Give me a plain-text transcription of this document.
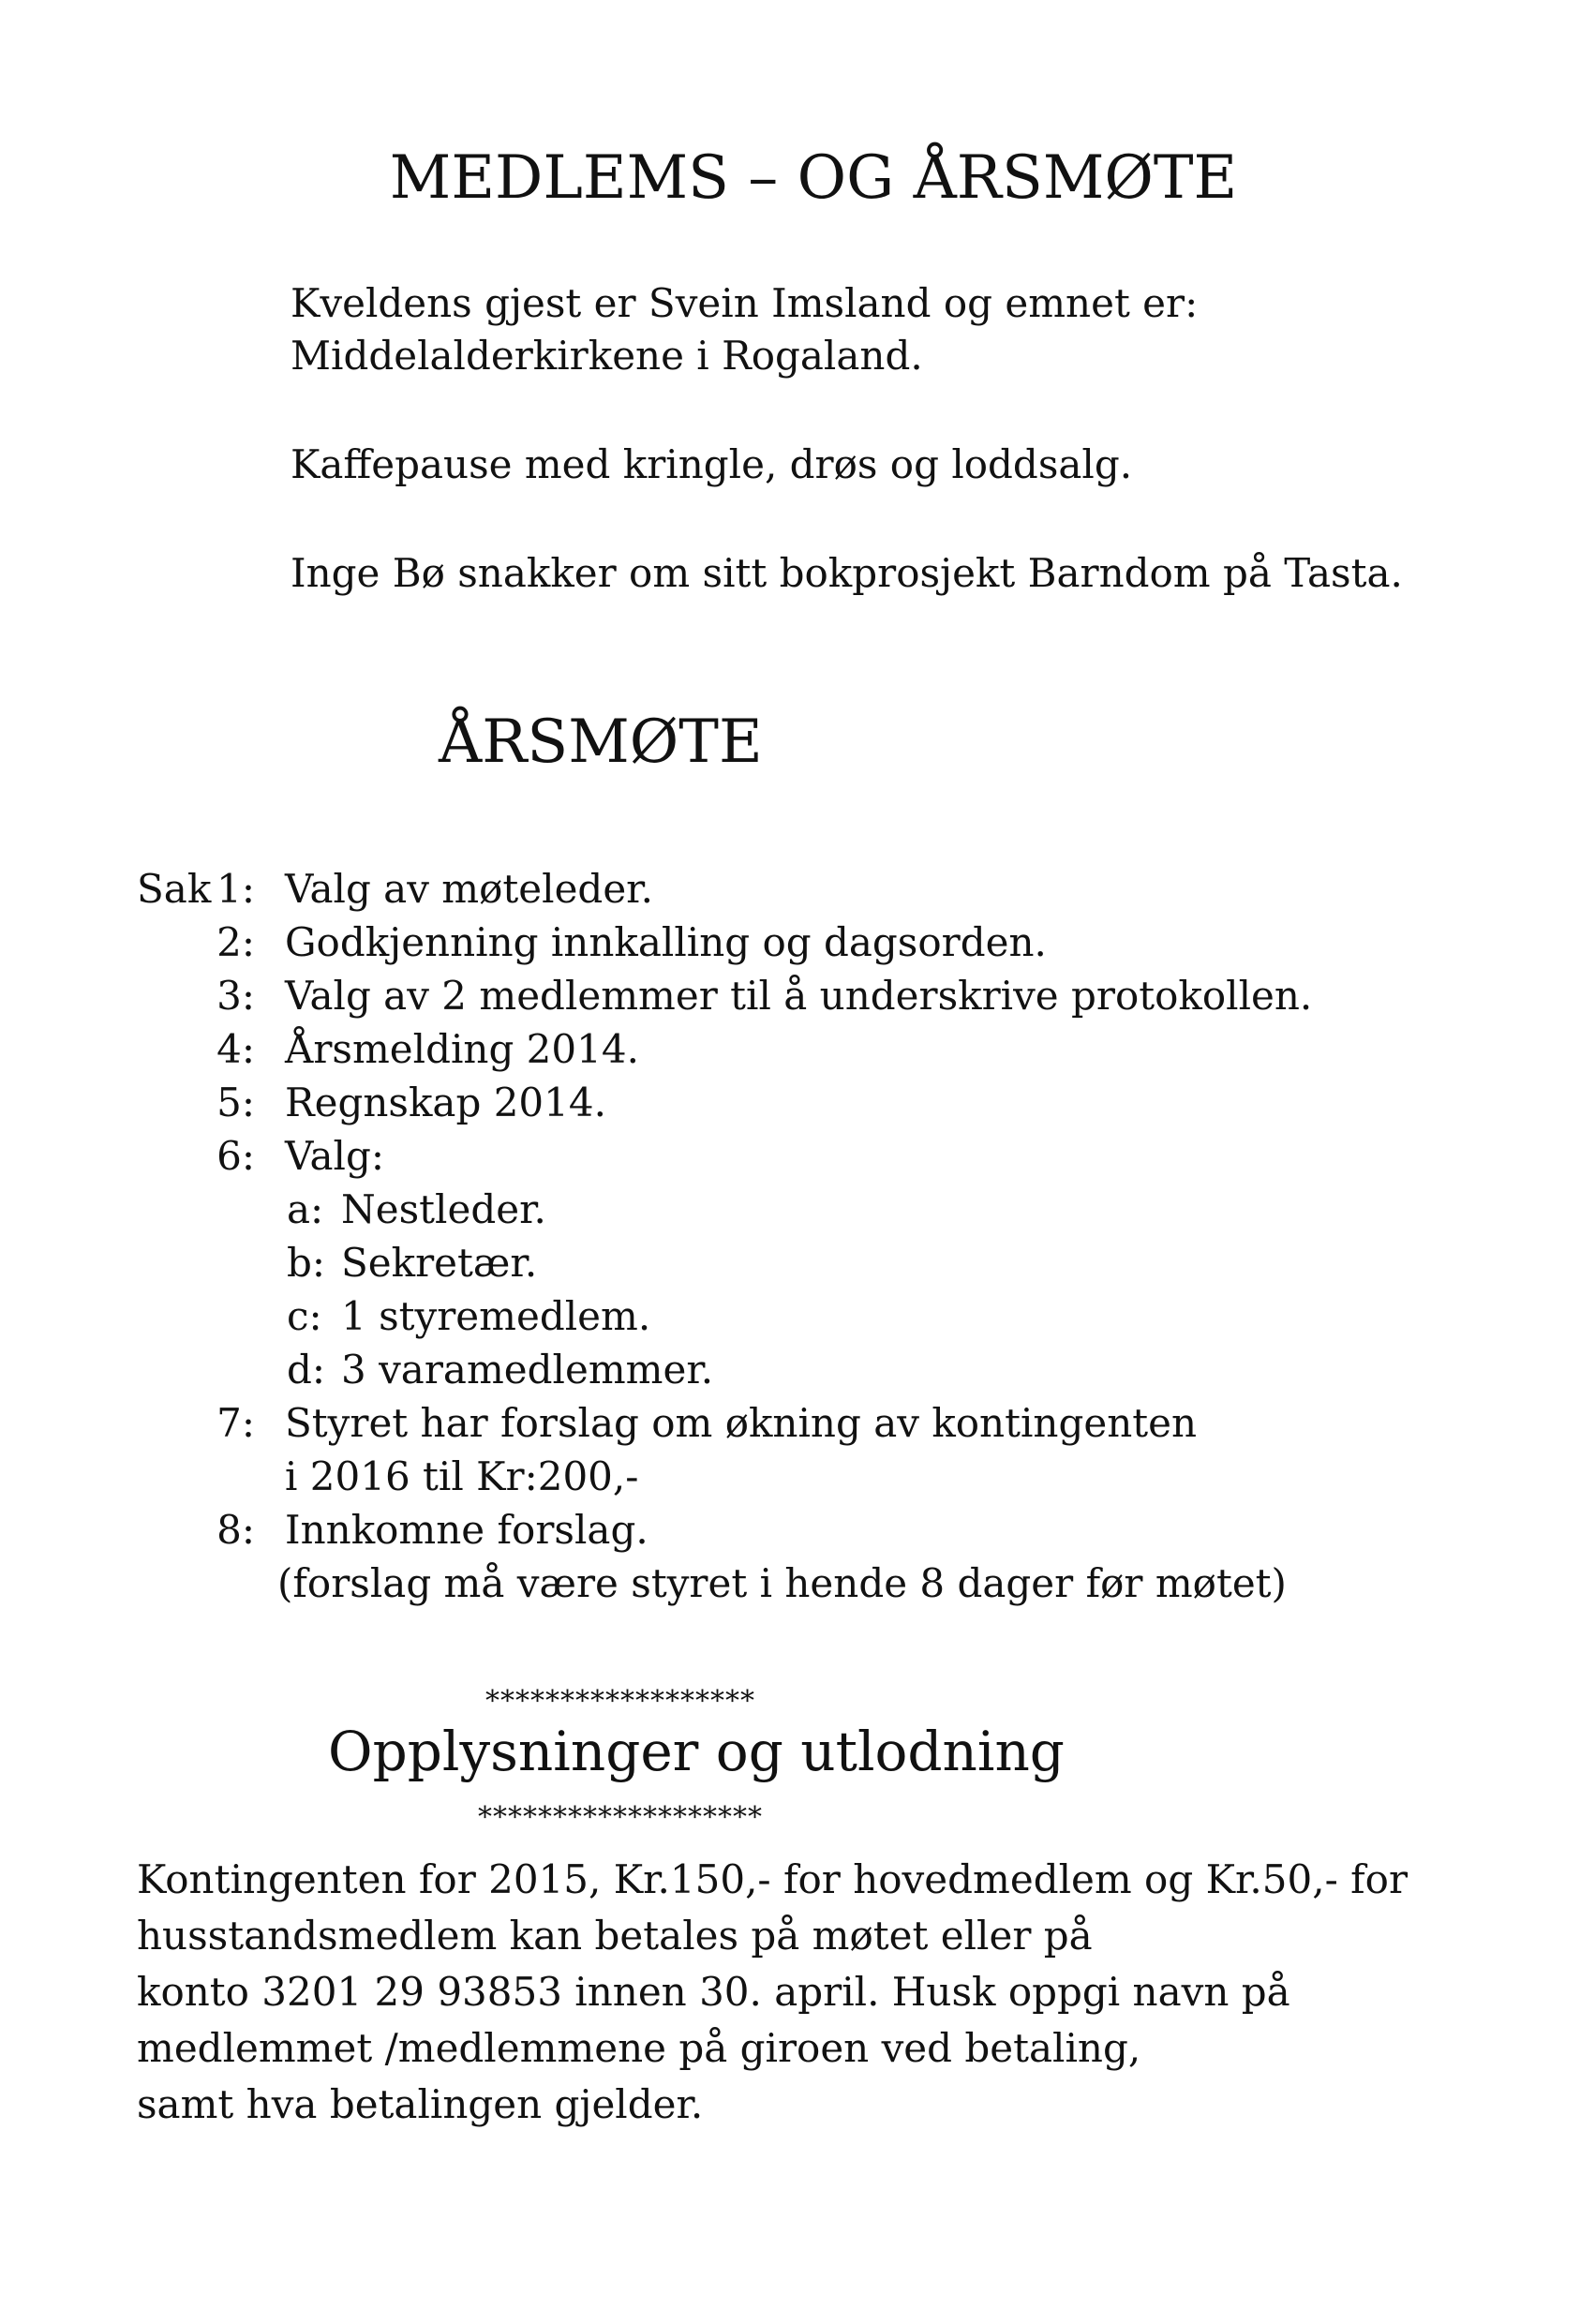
MEDLEMS – OG ÅRSMØTE
Kveldens gjest er Svein Imsland og emnet er:
Middelalderkirkene i Rogaland.
Kaffepause med kringle, drøs og loddsalg.
Inge Bø snakker om sitt bokprosjekt Barndom på Tasta.
ÅRSMØTE
Sak 1: Valg av møteleder.
2: Godkjenning innkalling og dagsorden.
3: Valg av 2 medlemmer til å underskrive protokollen.
4: Årsmelding 2014.
5: Regnskap 2014.
6: Valg:
a: Nestleder.
b: Sekretær.
c: 1 styremedlem.
d: 3 varamedlemmer.
7: Styret har forslag om økning av kontingenten
i 2016 til Kr:200,-
8: Innkomne forslag.
(forslag må være styret i hende 8 dager før møtet)
******************
Opplysninger og utlodning
*******************
Kontingenten for 2015, Kr.150,- for hovedmedlem og Kr.50,- for
husstandsmedlem kan betales på møtet eller på
konto 3201 29 93853 innen 30. april. Husk oppgi navn på
medlemmet /medlemmene på giroen ved betaling,
samt hva betalingen gjelder.
